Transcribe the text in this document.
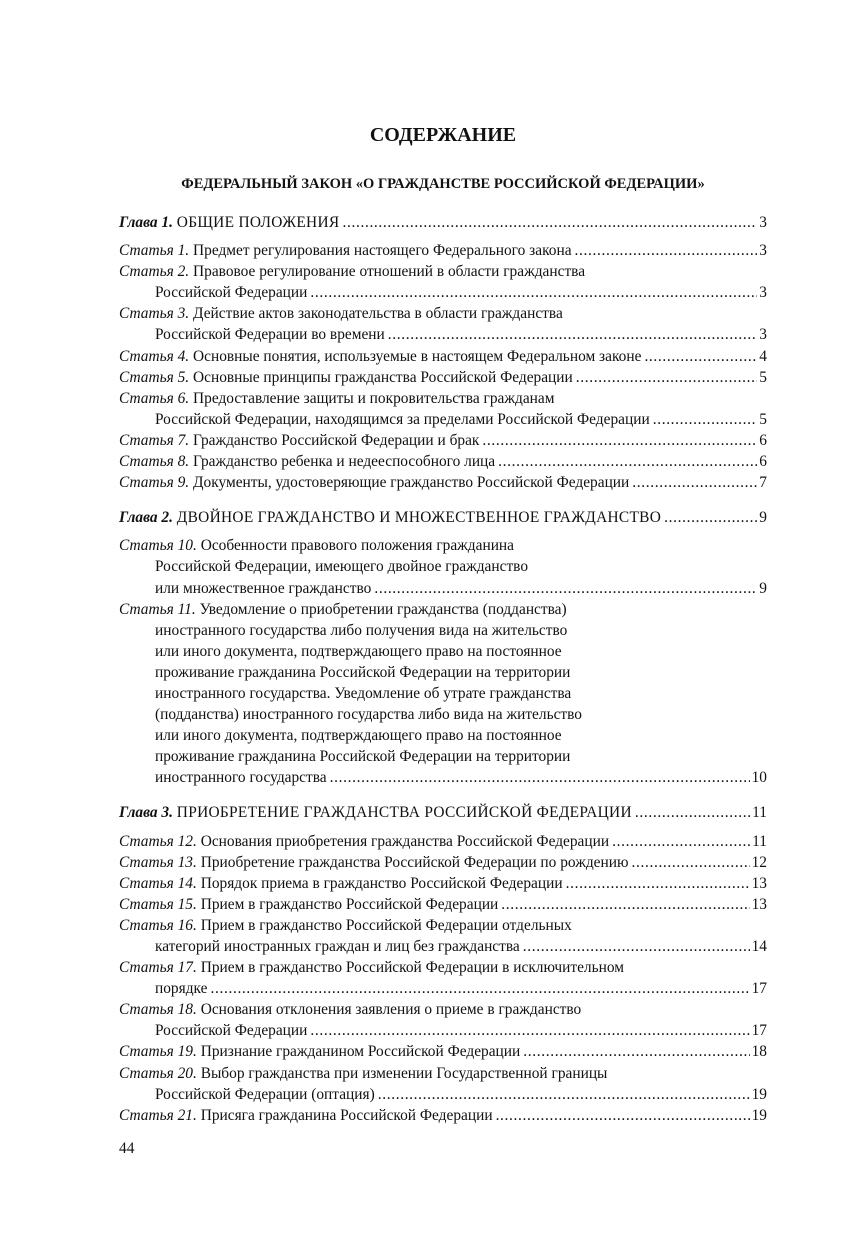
СОДЕРЖАНИЕ
ФЕДЕРАЛЬНЫЙ ЗАКОН «О ГРАЖДАНСТВЕ РОССИЙСКОЙ ФЕДЕРАЦИИ»
Глава 1. ОБЩИЕ ПОЛОЖЕНИЯ . . .	3
Статья 1. Предмет регулирования настоящего Федерального закона . . .	3
Статья 2. Правовое регулирование отношений в области гражданства
Российской Федерации . . .	3
Статья 3. Действие актов законодательства в области гражданства
Российской Федерации во времени . . .	3
Статья 4. Основные понятия, используемые в настоящем Федеральном законе . . .	4
Статья 5. Основные принципы гражданства Российской Федерации . . .	5
Статья 6. Предоставление защиты и покровительства гражданам
Российской Федерации, находящимся за пределами Российской Федерации . . .	5
Статья 7. Гражданство Российской Федерации и брак . . .	6
Статья 8. Гражданство ребенка и недееспособного лица . . .	6
Статья 9. Документы, удостоверяющие гражданство Российской Федерации . . .	7
Глава 2. ДВОЙНОЕ ГРАЖДАНСТВО И МНОЖЕСТВЕННОЕ ГРАЖДАНСТВО . . .	9
Статья 10. Особенности правового положения гражданина
Российской Федерации, имеющего двойное гражданство
или множественное гражданство . . .	9
Статья 11. Уведомление о приобретении гражданства (подданства)
иностранного государства либо получения вида на жительство
или иного документа, подтверждающего право на постоянное
проживание гражданина Российской Федерации на территории
иностранного государства. Уведомление об утрате гражданства
(подданства) иностранного государства либо вида на жительство
или иного документа, подтверждающего право на постоянное
проживание гражданина Российской Федерации на территории
иностранного государства . . .	10
Глава 3. ПРИОБРЕТЕНИЕ ГРАЖДАНСТВА РОССИЙСКОЙ ФЕДЕРАЦИИ . . .	11
Статья 12. Основания приобретения гражданства Российской Федерации . . .	11
Статья 13. Приобретение гражданства Российской Федерации по рождению . . .	12
Статья 14. Порядок приема в гражданство Российской Федерации . . .	13
Статья 15. Прием в гражданство Российской Федерации . . .	13
Статья 16. Прием в гражданство Российской Федерации отдельных
категорий иностранных граждан и лиц без гражданства . . .	14
Статья 17. Прием в гражданство Российской Федерации в исключительном
порядке . . .	17
Статья 18. Основания отклонения заявления о приеме в гражданство
Российской Федерации . . .	17
Статья 19. Признание гражданином Российской Федерации . . .	18
Статья 20. Выбор гражданства при изменении Государственной границы
Российской Федерации (оптация) . . .	19
Статья 21. Присяга гражданина Российской Федерации . . .	19
44
